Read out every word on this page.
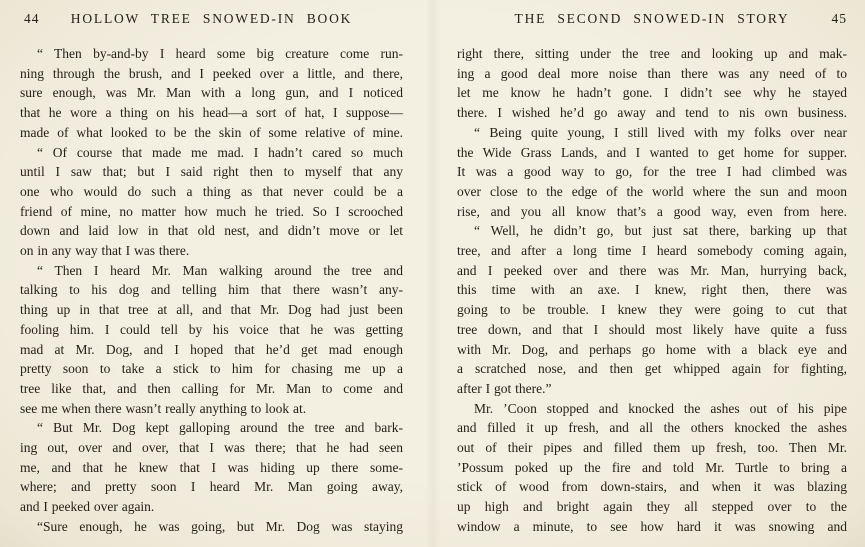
44	HOLLOW TREE SNOWED-IN BOOK
“ Then by-and-by I heard some big creature come run-
ning through the brush, and I peeked over a little, and there,
sure enough, was Mr. Man with a long gun, and I noticed
that he wore a thing on his head—a sort of hat, I suppose—
made of what looked to be the skin of some relative of mine.
“ Of course that made me mad. I hadn’t cared so much
until I saw that; but I said right then to myself that any
one who would do such a thing as that never could be a
friend of mine, no matter how much he tried. So I scrooched
down and laid low in that old nest, and didn’t move or let
on in any way that I was there.
“ Then I heard Mr. Man walking around the tree and
talking to his dog and telling him that there wasn’t any-
thing up in that tree at all, and that Mr. Dog had just been
fooling him. I could tell by his voice that he was getting
mad at Mr. Dog, and I hoped that he’d get mad enough
pretty soon to take a stick to him for chasing me up a
tree like that, and then calling for Mr. Man to come and
see me when there wasn’t really anything to look at.
“ But Mr. Dog kept galloping around the tree and bark-
ing out, over and over, that I was there; that he had seen
me, and that he knew that I was hiding up there some-
where; and pretty soon I heard Mr. Man going away,
and I peeked over again.
“Sure enough, he was going, but Mr. Dog was staying
THE SECOND SNOWED-IN STORY	45
right there, sitting under the tree and looking up and mak-
ing a good deal more noise than there was any need of to
let me know he hadn’t gone. I didn’t see why he stayed
there. I wished he’d go away and tend to nis own business.
“ Being quite young, I still lived with my folks over near
the Wide Grass Lands, and I wanted to get home for supper.
It was a good way to go, for the tree I had climbed was
over close to the edge of the world where the sun and moon
rise, and you all know that’s a good way, even from here.
“ Well, he didn’t go, but just sat there, barking up that
tree, and after a long time I heard somebody coming again,
and I peeked over and there was Mr. Man, hurrying back,
this time with an axe. I knew, right then, there was
going to be trouble. I knew they were going to cut that
tree down, and that I should most likely have quite a fuss
with Mr. Dog, and perhaps go home with a black eye and
a scratched nose, and then get whipped again for fighting,
after I got there.”
Mr. ’Coon stopped and knocked the ashes out of his pipe
and filled it up fresh, and all the others knocked the ashes
out of their pipes and filled them up fresh, too. Then Mr.
’Possum poked up the fire and told Mr. Turtle to bring a
stick of wood from down-stairs, and when it was blazing
up high and bright again they all stepped over to the
window a minute, to see how hard it was snowing and
